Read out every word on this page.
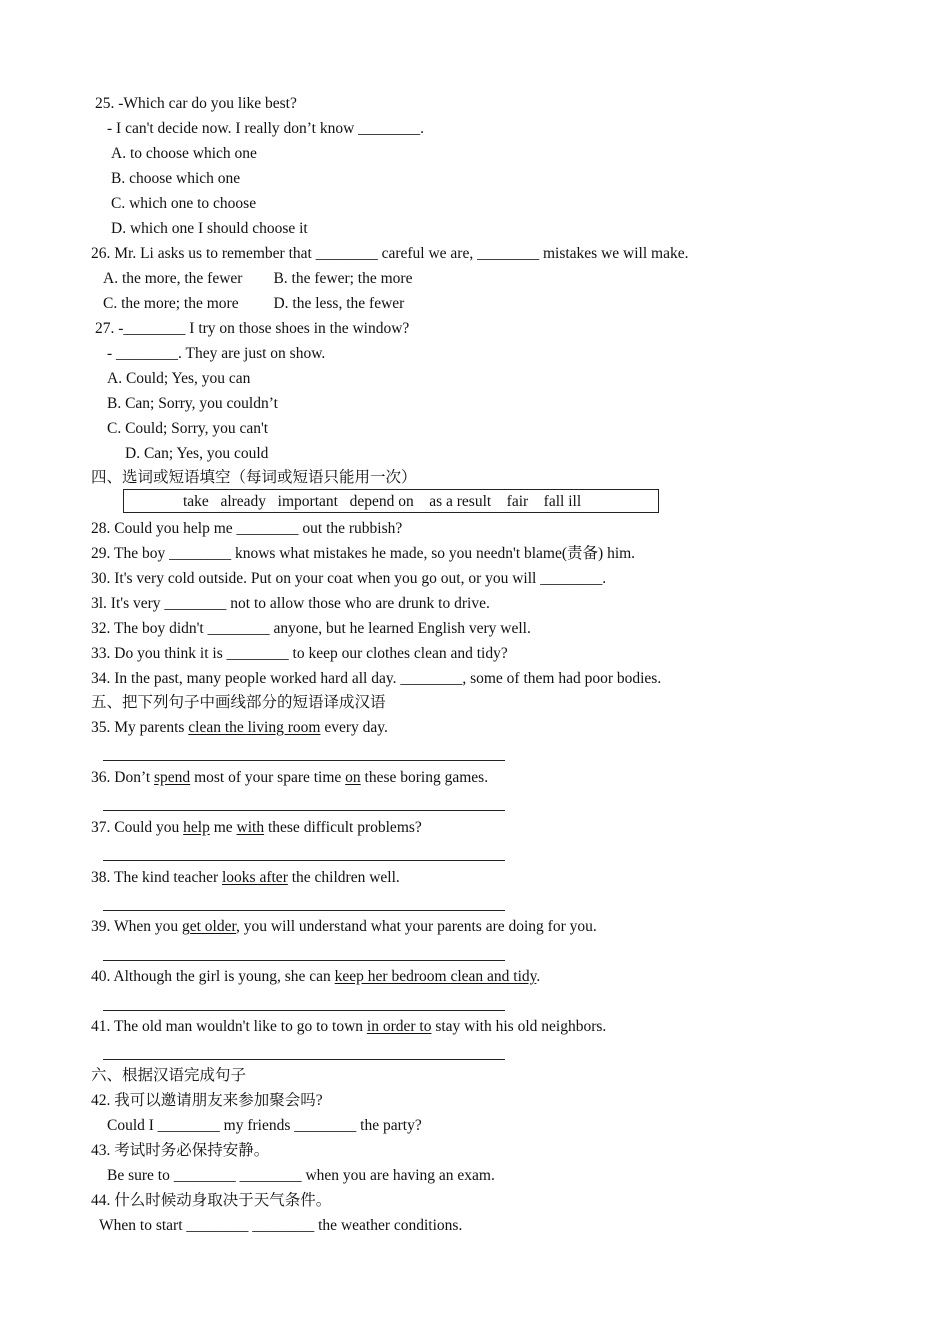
25. -Which car do you like best?
- I can't decide now. I really don’t know ________.
A. to choose which one
B. choose which one
C. which one to choose
D. which one I should choose it
26. Mr. Li asks us to remember that ________ careful we are, ________ mistakes we will make.
A. the more, the fewer        B. the fewer; the more
C. the more; the more         D. the less, the fewer
27. -________ I try on those shoes in the window?
- ________. They are just on show.
A. Could; Yes, you can
B. Can; Sorry, you couldn’t
C. Could; Sorry, you can't
D. Can; Yes, you could
四、选词或短语填空（每词或短语只能用一次）
take   already   important   depend on    as a result    fair    fall ill
28. Could you help me ________ out the rubbish?
29. The boy ________ knows what mistakes he made, so you needn't blame(责备) him.
30. It's very cold outside. Put on your coat when you go out, or you will ________.
3l. It's very ________ not to allow those who are drunk to drive.
32. The boy didn't ________ anyone, but he learned English very well.
33. Do you think it is ________ to keep our clothes clean and tidy?
34. In the past, many people worked hard all day. ________, some of them had poor bodies.
五、把下列句子中画线部分的短语译成汉语
35. My parents clean the living room every day.
36. Don’t spend most of your spare time on these boring games.
37. Could you help me with these difficult problems?
38. The kind teacher looks after the children well.
39. When you get older, you will understand what your parents are doing for you.
40. Although the girl is young, she can keep her bedroom clean and tidy.
41. The old man wouldn't like to go to town in order to stay with his old neighbors.
六、根据汉语完成句子
42. 我可以邀请朋友来参加聚会吗?
Could I ________ my friends ________ the party?
43. 考试时务必保持安静。
Be sure to ________ ________ when you are having an exam.
44. 什么时候动身取决于天气条件。
When to start ________ ________ the weather conditions.
